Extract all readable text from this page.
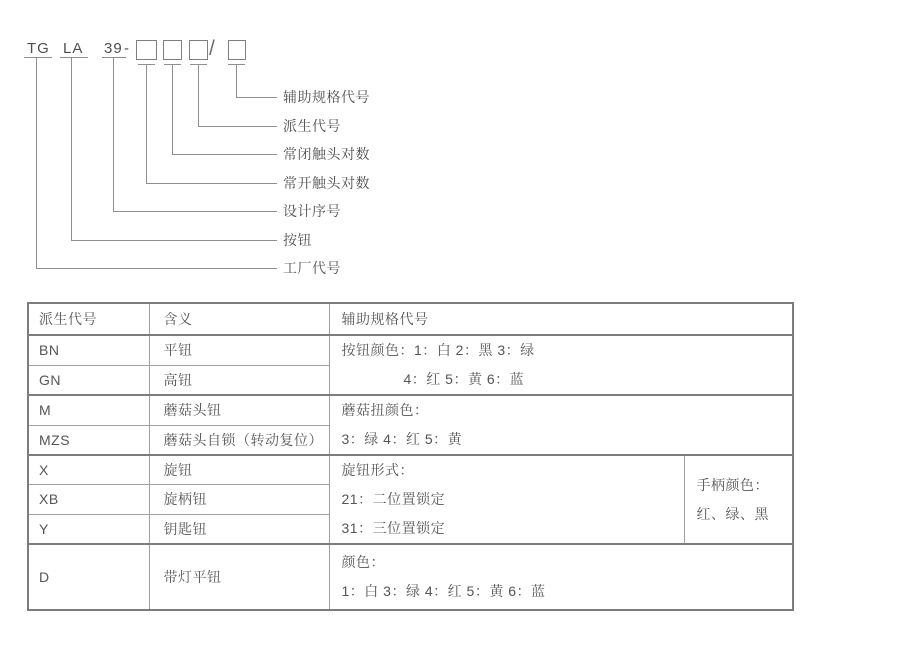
TG LA 39 -	/
辅助规格代号
派生代号
常闭触头对数
常开触头对数
设计序号
按钮
工厂代号
派生代号	含义	辅助规格代号	
BN	平钮	按钮颜色：1：白 2：黑 3：绿
4：红 5：黄 6：蓝	

GN	高钮		
M	蘑菇头钮	蘑菇扭颜色：
3：绿 4：红 5：黄	

MZS	蘑菇头自锁（转动复位）		
X	旋钮	旋钮形式：
21：二位置锁定
31：三位置锁定

手柄颜色：
红、绿、黑

XB	旋柄钮		
Y	钥匙钮		
D	带灯平钮	颜色：
1：白 3：绿 4：红 5：黄 6：蓝	
